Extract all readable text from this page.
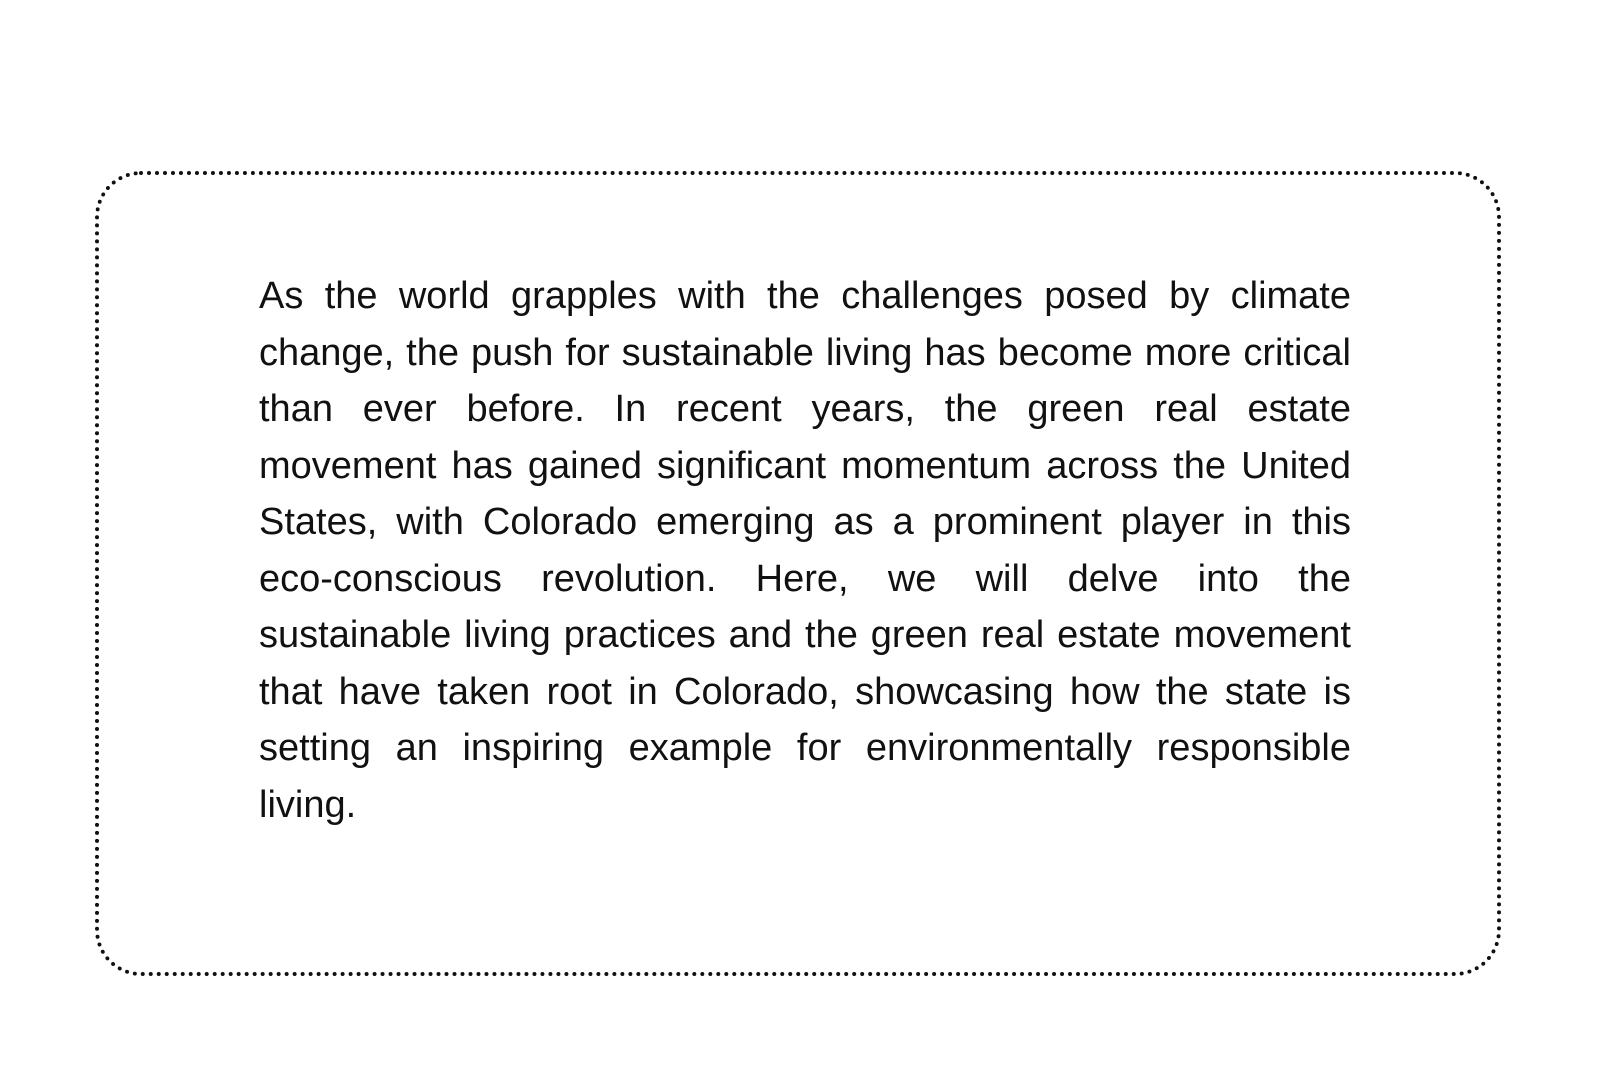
As the world grapples with the challenges posed by climate change, the push for sustainable living has become more critical than ever before. In recent years, the green real estate movement has gained significant momentum across the United States, with Colorado emerging as a prominent player in this eco-conscious revolution. Here, we will delve into the sustainable living practices and the green real estate movement that have taken root in Colorado, showcasing how the state is setting an inspiring example for environmentally responsible living.
